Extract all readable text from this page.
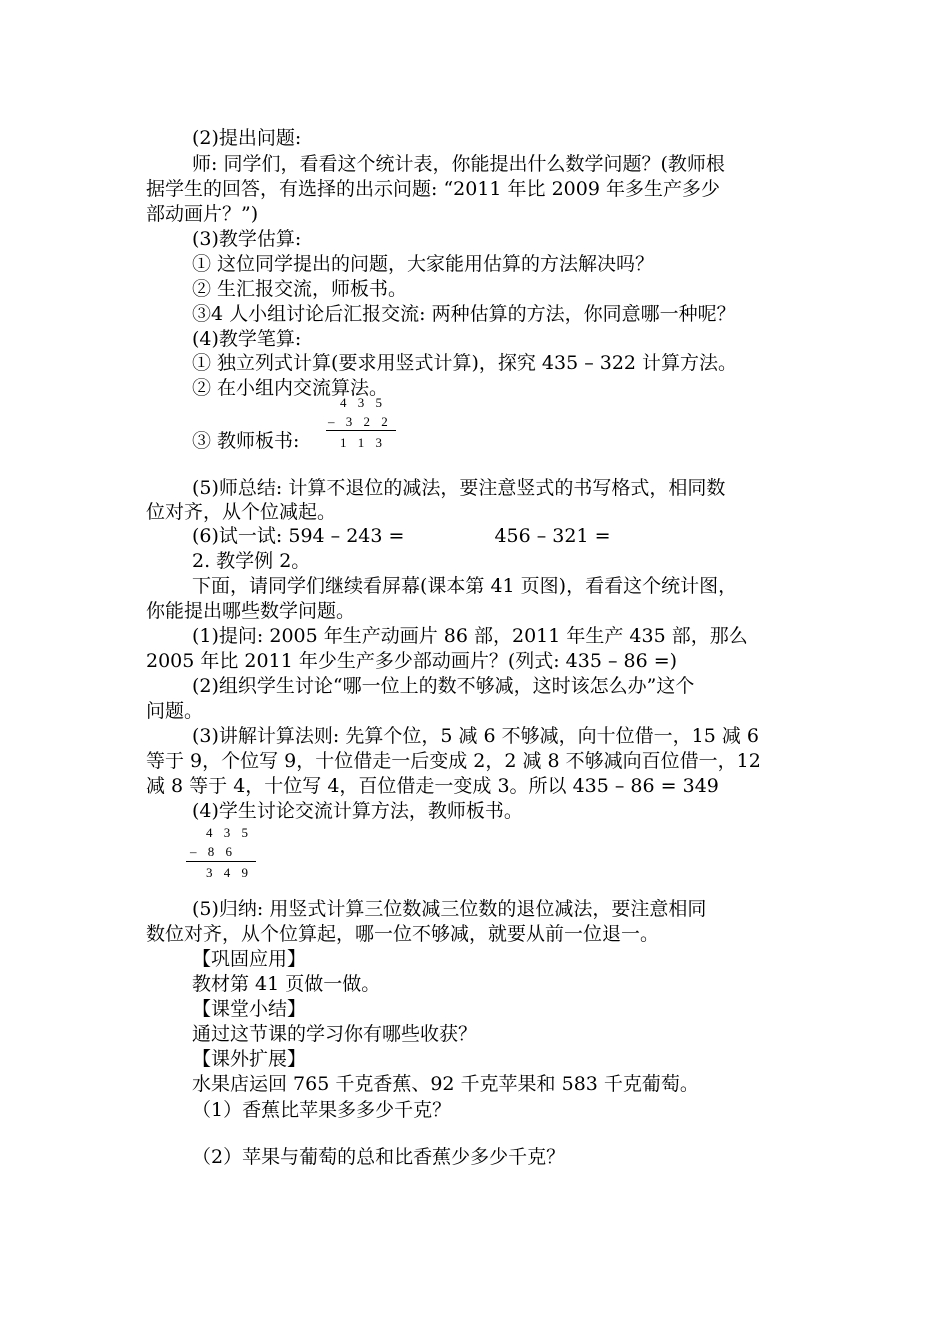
(2)提出问题:
师: 同学们，看看这个统计表，你能提出什么数学问题？(教师根
据学生的回答，有选择的出示问题: “2011 年比 2009 年多生产多少
部动画片？”)
(3)教学估算:
① 这位同学提出的问题，大家能用估算的方法解决吗？
② 生汇报交流，师板书。
③4 人小组讨论后汇报交流: 两种估算的方法，你同意哪一种呢？
(4)教学笔算:
① 独立列式计算(要求用竖式计算)，探究 435 – 322 计算方法。
② 在小组内交流算法。
4 3 5
– 3 2 2
1 1 3
③ 教师板书:
(5)师总结: 计算不退位的减法，要注意竖式的书写格式，相同数
位对齐，从个位减起。
(6)试一试: 594 – 243 =	456 – 321 =
2. 教学例 2。
下面，请同学们继续看屏幕(课本第 41 页图)，看看这个统计图，
你能提出哪些数学问题。
(1)提问: 2005 年生产动画片 86 部，2011 年生产 435 部，那么
2005 年比 2011 年少生产多少部动画片？(列式: 435 – 86 =)
(2)组织学生讨论“哪一位上的数不够减，这时该怎么办”这个
问题。
(3)讲解计算法则: 先算个位，5 减 6 不够减，向十位借一，15 减 6
等于 9，个位写 9，十位借走一后变成 2，2 减 8 不够减向百位借一，12
减 8 等于 4，十位写 4，百位借走一变成 3。所以 435 – 86 = 349
(4)学生讨论交流计算方法，教师板书。
4 3 5
– 8 6
3 4 9
(5)归纳: 用竖式计算三位数减三位数的退位减法，要注意相同
数位对齐，从个位算起，哪一位不够减，就要从前一位退一。
【巩固应用】
教材第 41 页做一做。
【课堂小结】
通过这节课的学习你有哪些收获？
【课外扩展】
水果店运回 765 千克香蕉、92 千克苹果和 583 千克葡萄。
（1）香蕉比苹果多多少千克？
（2）苹果与葡萄的总和比香蕉少多少千克？
